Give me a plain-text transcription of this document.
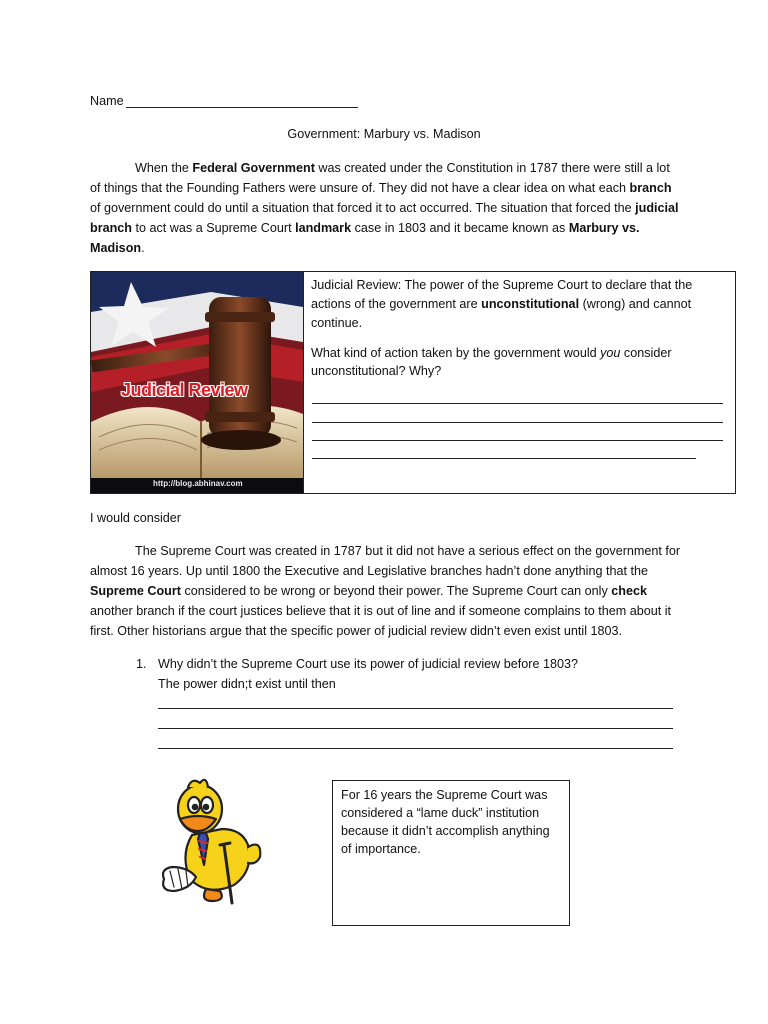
Name
Government: Marbury vs. Madison
When the Federal Government was created under the Constitution in 1787 there were still a lot of things that the Founding Fathers were unsure of. They did not have a clear idea on what each branch of government could do until a situation that forced it to act occurred. The situation that forced the judicial branch to act was a Supreme Court landmark case in 1803 and it became known as Marbury vs. Madison.
Judicial Review
http://blog.abhinav.com
Judicial Review: The power of the Supreme Court to declare that the actions of the government are unconstitutional (wrong) and cannot continue.
What kind of action taken by the government would you consider unconstitutional? Why?
I would consider
The Supreme Court was created in 1787 but it did not have a serious effect on the government for almost 16 years. Up until 1800 the Executive and Legislative branches hadn’t done anything that the Supreme Court considered to be wrong or beyond their power. The Supreme Court can only check another branch if the court justices believe that it is out of line and if someone complains to them about it first. Other historians argue that the specific power of judicial review didn’t even exist until 1803.
1. Why didn’t the Supreme Court use its power of judicial review before 1803?
The power didn;t exist until then
For 16 years the Supreme Court was considered a “lame duck” institution because it didn’t accomplish anything of importance.
